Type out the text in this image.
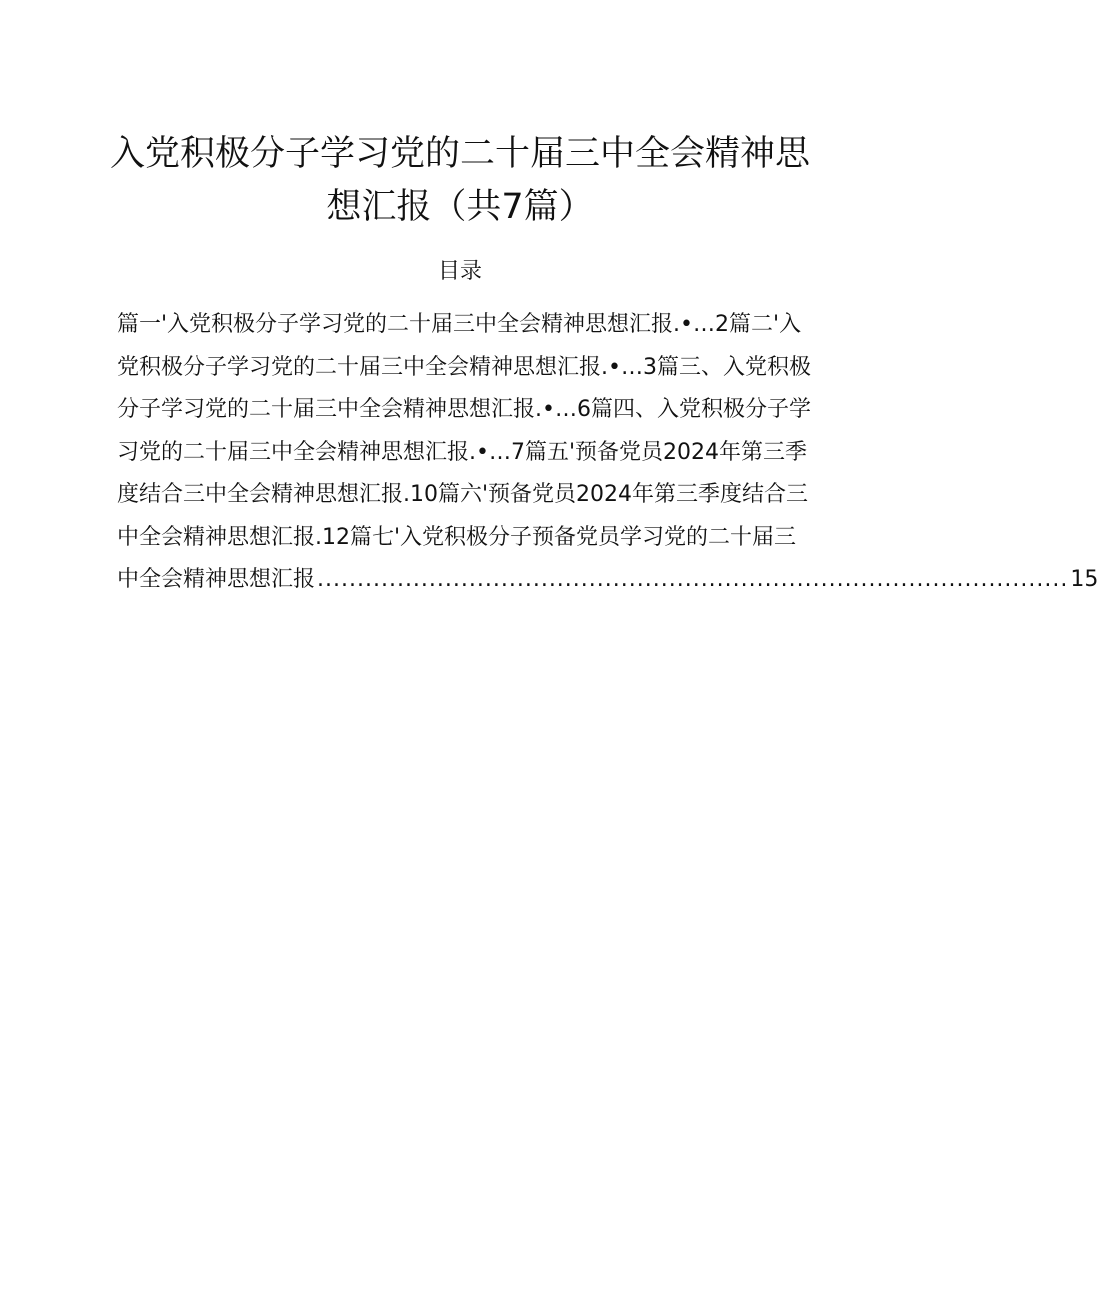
入党积极分子学习党的二十届三中全会精神思
想汇报（共7篇）
目录
篇一'入党积极分子学习党的二十届三中全会精神思想汇报.•…2篇二'入
党积极分子学习党的二十届三中全会精神思想汇报.•…3篇三、入党积极
分子学习党的二十届三中全会精神思想汇报.•…6篇四、入党积极分子学
习党的二十届三中全会精神思想汇报.•…7篇五'预备党员2024年第三季
度结合三中全会精神思想汇报.10篇六'预备党员2024年第三季度结合三
中全会精神思想汇报.12篇七'入党积极分子预备党员学习党的二十届三
中全会精神思想汇报 .............................................................................................. 15
